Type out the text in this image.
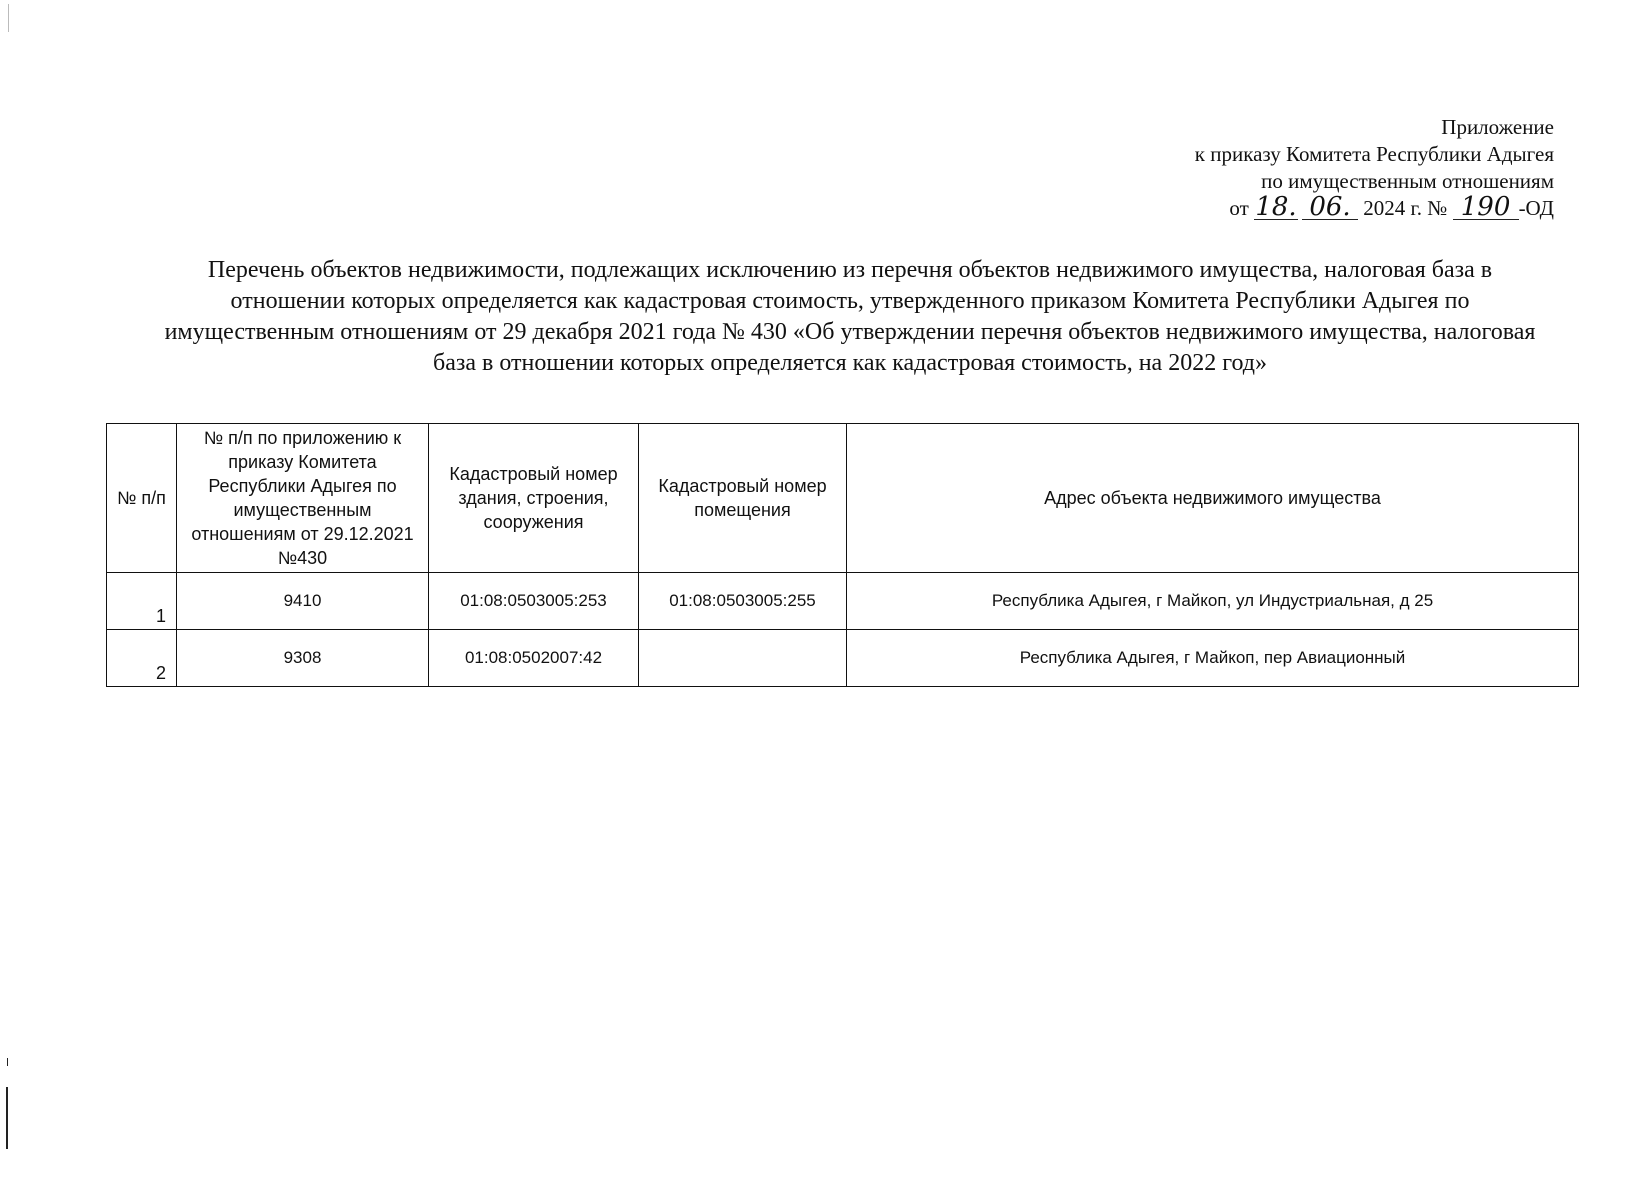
Приложение
к приказу Комитета Республики Адыгея
по имущественным отношениям
от 18. 06. 2024 г. № 190 -ОД
Перечень объектов недвижимости, подлежащих исключению из перечня объектов недвижимого имущества, налоговая база в отношении которых определяется как кадастровая стоимость, утвержденного приказом Комитета Республики Адыгея по имущественным отношениям от 29 декабря 2021 года № 430 «Об утверждении перечня объектов недвижимого имущества, налоговая база в отношении которых определяется как кадастровая стоимость, на 2022 год»
№ п/п	№ п/п по приложению к приказу Комитета Республики Адыгея по имущественным отношениям от 29.12.2021 №430	Кадастровый номер здания, строения, сооружения	Кадастровый номер помещения	Адрес объекта недвижимого имущества
1	9410	01:08:0503005:253	01:08:0503005:255	Республика Адыгея, г Майкоп, ул Индустриальная, д 25
2	9308	01:08:0502007:42		Республика Адыгея, г Майкоп, пер Авиационный
